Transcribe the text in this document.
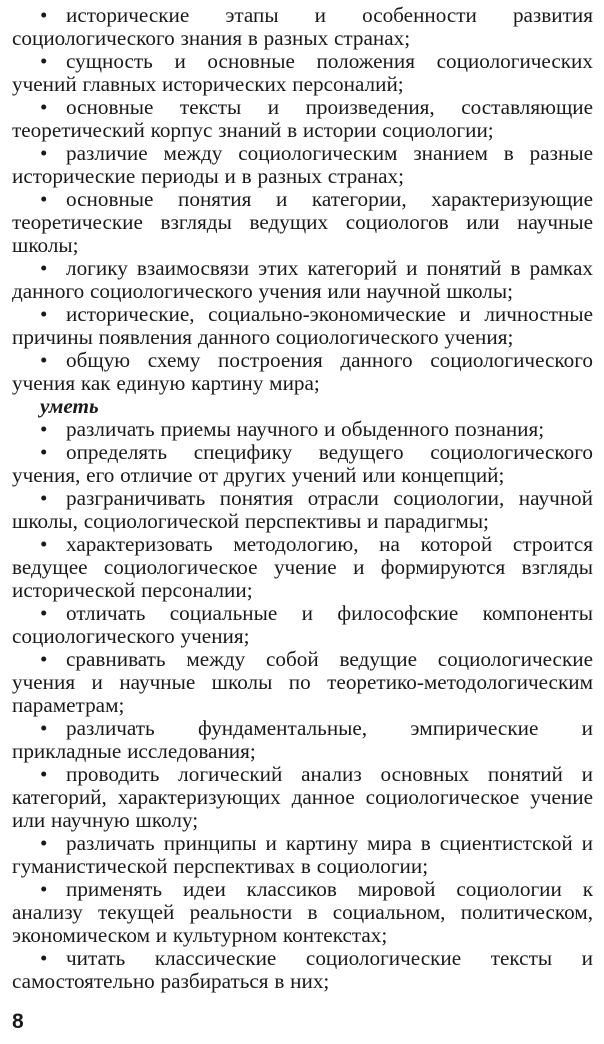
• исторические этапы и особенности развития социологического знания в разных странах;

• сущность и основные положения социологических учений главных исторических персоналий;

• основные тексты и произведения, составляющие теоретический корпус знаний в истории социологии;

• различие между социологическим знанием в разные исторические периоды и в разных странах;

• основные понятия и категории, характеризующие теоретические взгляды ведущих социологов или научные школы;

• логику взаимосвязи этих категорий и понятий в рамках данного социологического учения или научной школы;

• исторические, социально-экономические и личностные причины появления данного социологического учения;

• общую схему построения данного социологического учения как единую картину мира;

уметь

• различать приемы научного и обыденного познания;

• определять специфику ведущего социологического учения, его отличие от других учений или концепций;

• разграничивать понятия отрасли социологии, научной школы, социологической перспективы и парадигмы;

• характеризовать методологию, на которой строится ведущее социологическое учение и формируются взгляды исторической персоналии;

• отличать социальные и философские компоненты социологического учения;

• сравнивать между собой ведущие социологические учения и научные школы по теоретико-методологическим параметрам;

• различать фундаментальные, эмпирические и прикладные исследования;

• проводить логический анализ основных понятий и категорий, характеризующих данное социологическое учение или научную школу;

• различать принципы и картину мира в сциентистской и гуманистической перспективах в социологии;

• применять идеи классиков мировой социологии к анализу текущей реальности в социальном, политическом, экономическом и культурном контекстах;

• читать классические социологические тексты и самостоятельно разбираться в них;

8
